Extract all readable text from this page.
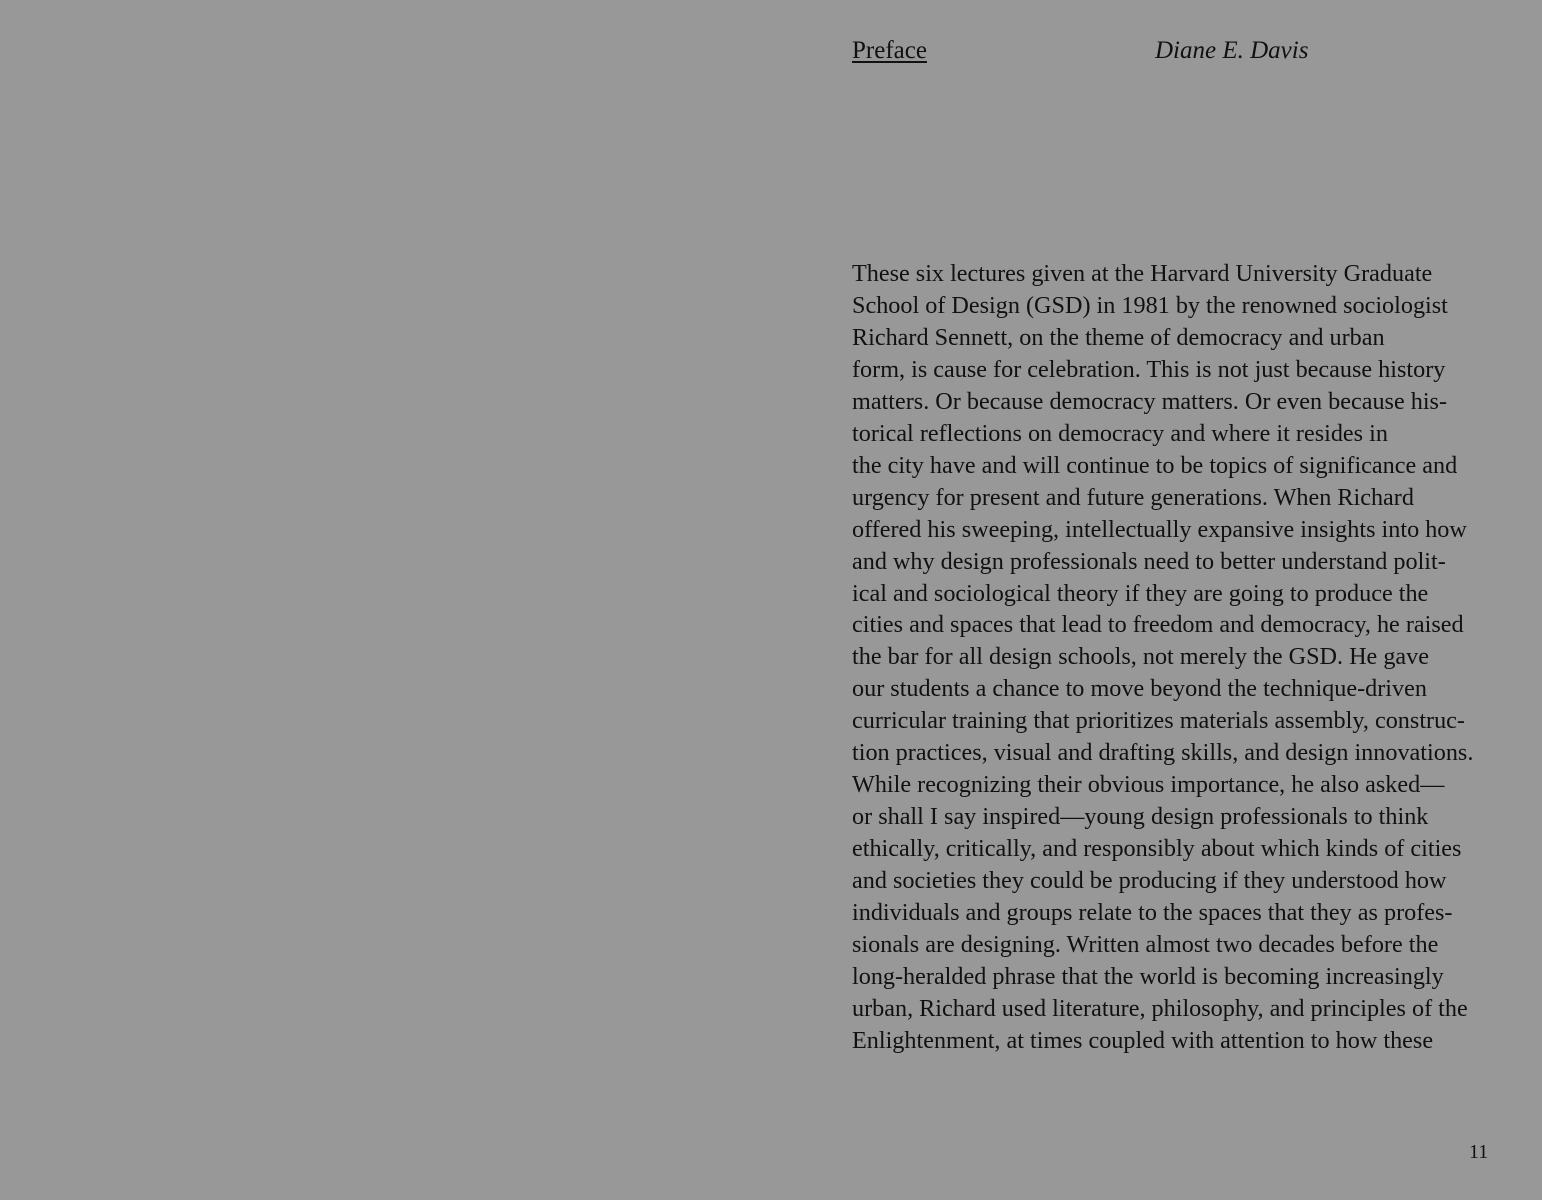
Preface	Diane E. Davis
These six lectures given at the Harvard University Graduate
School of Design (GSD) in 1981 by the renowned sociologist
Richard Sennett, on the theme of democracy and urban
form, is cause for celebration. This is not just because history
matters. Or because democracy matters. Or even because his-
torical reflections on democracy and where it resides in
the city have and will continue to be topics of significance and
urgency for present and future generations. When Richard
offered his sweeping, intellectually expansive insights into how
and why design professionals need to better understand polit-
ical and sociological theory if they are going to produce the
cities and spaces that lead to freedom and democracy, he raised
the bar for all design schools, not merely the GSD. He gave
our students a chance to move beyond the technique-driven
curricular training that prioritizes materials assembly, construc-
tion practices, visual and drafting skills, and design innovations.
While recognizing their obvious importance, he also asked—
or shall I say inspired—young design professionals to think
ethically, critically, and responsibly about which kinds of cities
and societies they could be producing if they understood how
individuals and groups relate to the spaces that they as profes-
sionals are designing. Written almost two decades before the
long-heralded phrase that the world is becoming increasingly
urban, Richard used literature, philosophy, and principles of the
Enlightenment, at times coupled with attention to how these
11
